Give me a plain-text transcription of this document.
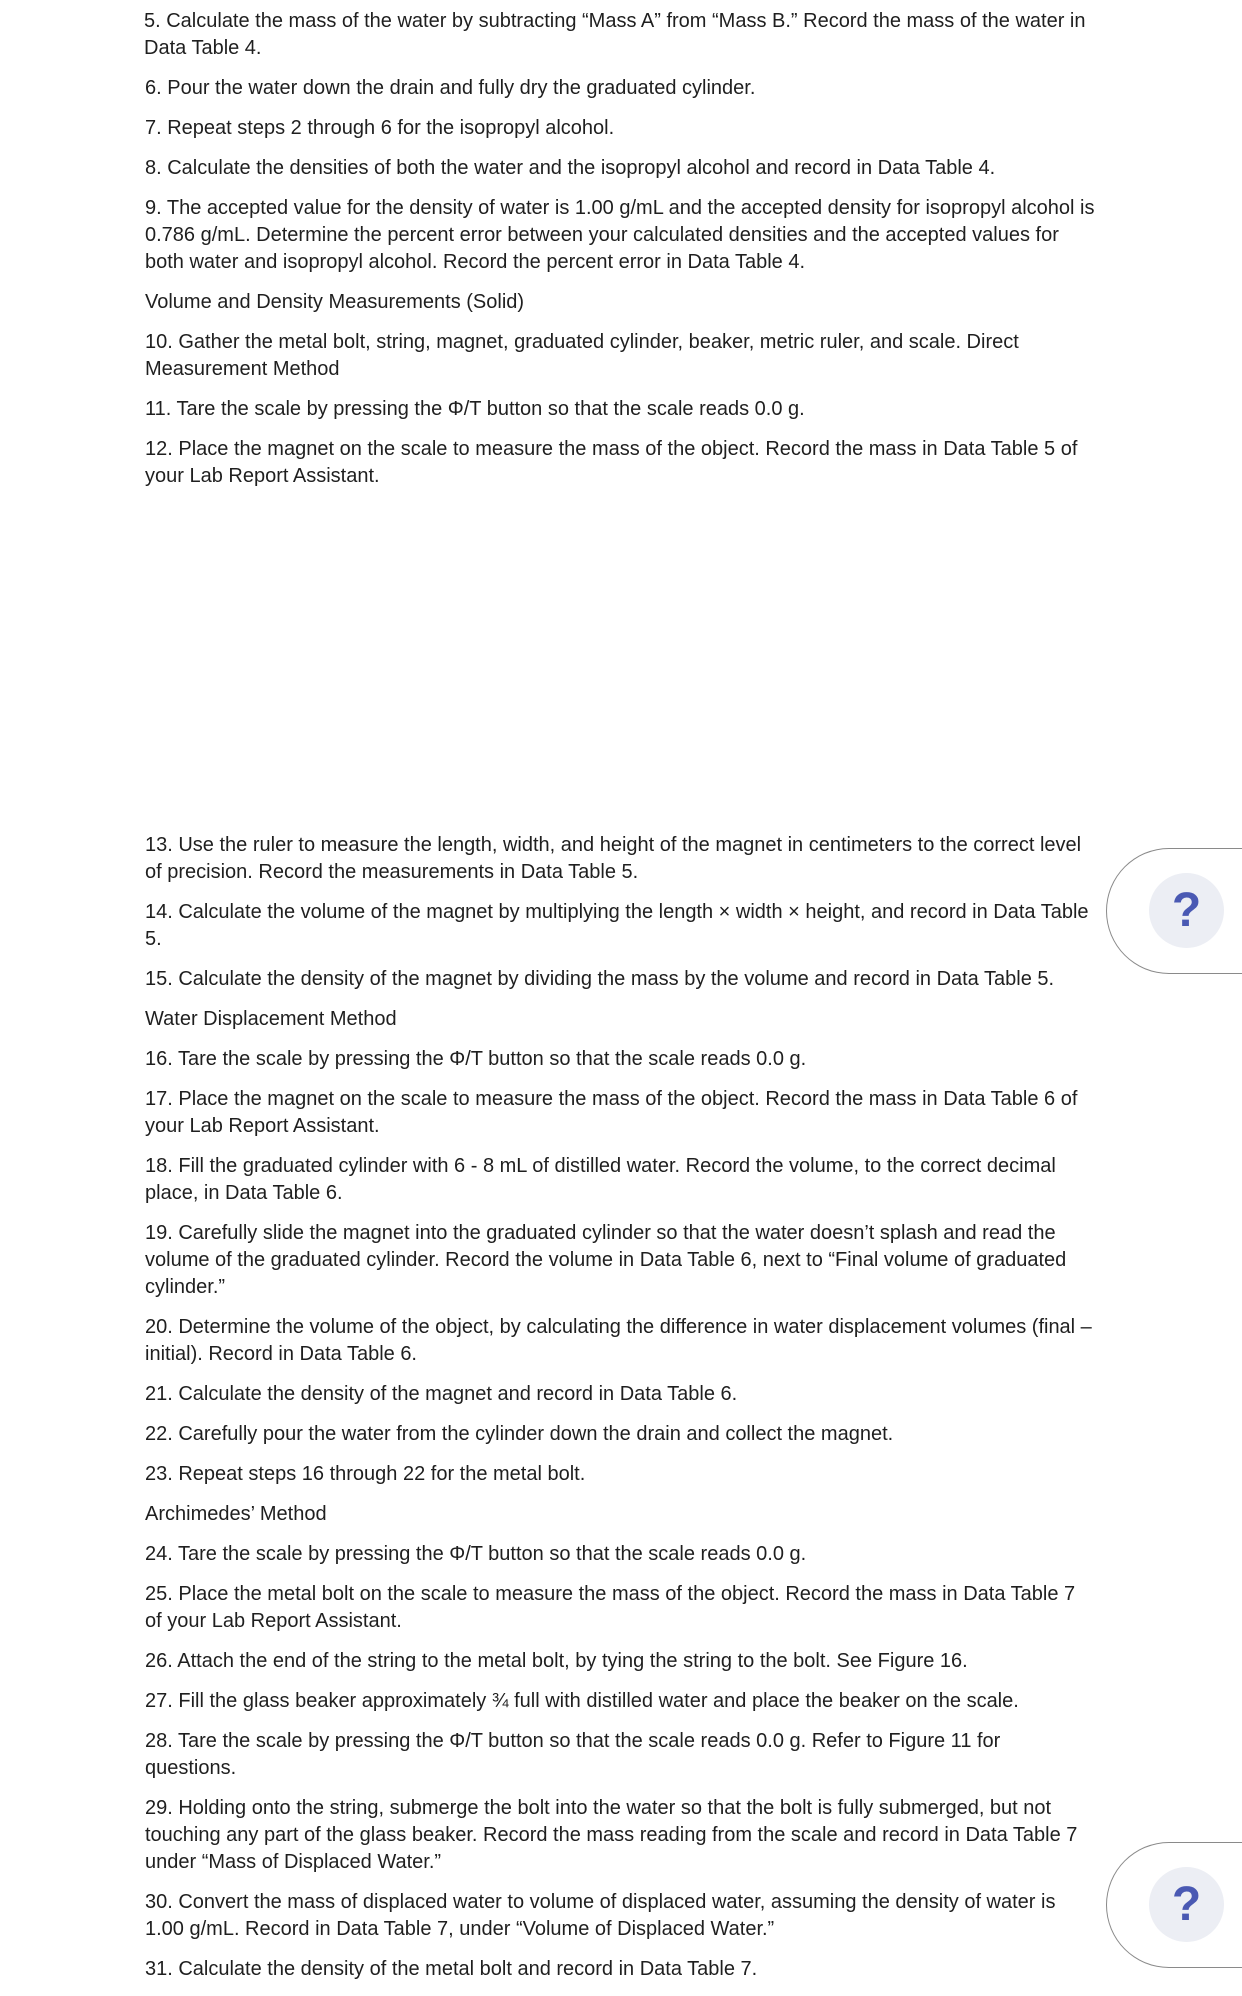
5. Calculate the mass of the water by subtracting “Mass A” from “Mass B.” Record the mass of the water in Data Table 4.

6. Pour the water down the drain and fully dry the graduated cylinder.

7. Repeat steps 2 through 6 for the isopropyl alcohol.

8. Calculate the densities of both the water and the isopropyl alcohol and record in Data Table 4.

9. The accepted value for the density of water is 1.00 g/mL and the accepted density for isopropyl alcohol is 0.786 g/mL. Determine the percent error between your calculated densities and the accepted values for both water and isopropyl alcohol. Record the percent error in Data Table 4.

Volume and Density Measurements (Solid)

10. Gather the metal bolt, string, magnet, graduated cylinder, beaker, metric ruler, and scale. Direct Measurement Method

11. Tare the scale by pressing the Φ/T button so that the scale reads 0.0 g.

12. Place the magnet on the scale to measure the mass of the object. Record the mass in Data Table 5 of your Lab Report Assistant.

13. Use the ruler to measure the length, width, and height of the magnet in centimeters to the correct level of precision. Record the measurements in Data Table 5.

14. Calculate the volume of the magnet by multiplying the length × width × height, and record in Data Table 5.

15. Calculate the density of the magnet by dividing the mass by the volume and record in Data Table 5.

Water Displacement Method

16. Tare the scale by pressing the Φ/T button so that the scale reads 0.0 g.

17. Place the magnet on the scale to measure the mass of the object. Record the mass in Data Table 6 of your Lab Report Assistant.

18. Fill the graduated cylinder with 6 - 8 mL of distilled water. Record the volume, to the correct decimal place, in Data Table 6.

19. Carefully slide the magnet into the graduated cylinder so that the water doesn’t splash and read the volume of the graduated cylinder. Record the volume in Data Table 6, next to “Final volume of graduated cylinder.”

20. Determine the volume of the object, by calculating the difference in water displacement volumes (final – initial). Record in Data Table 6.

21. Calculate the density of the magnet and record in Data Table 6.

22. Carefully pour the water from the cylinder down the drain and collect the magnet.

23. Repeat steps 16 through 22 for the metal bolt.

Archimedes’ Method

24. Tare the scale by pressing the Φ/T button so that the scale reads 0.0 g.

25. Place the metal bolt on the scale to measure the mass of the object. Record the mass in Data Table 7 of your Lab Report Assistant.

26. Attach the end of the string to the metal bolt, by tying the string to the bolt. See Figure 16.

27. Fill the glass beaker approximately ¾ full with distilled water and place the beaker on the scale.

28. Tare the scale by pressing the Φ/T button so that the scale reads 0.0 g. Refer to Figure 11 for questions.

29. Holding onto the string, submerge the bolt into the water so that the bolt is fully submerged, but not touching any part of the glass beaker. Record the mass reading from the scale and record in Data Table 7 under “Mass of Displaced Water.”

30. Convert the mass of displaced water to volume of displaced water, assuming the density of water is 1.00 g/mL. Record in Data Table 7, under “Volume of Displaced Water.”

31. Calculate the density of the metal bolt and record in Data Table 7.

?
?
